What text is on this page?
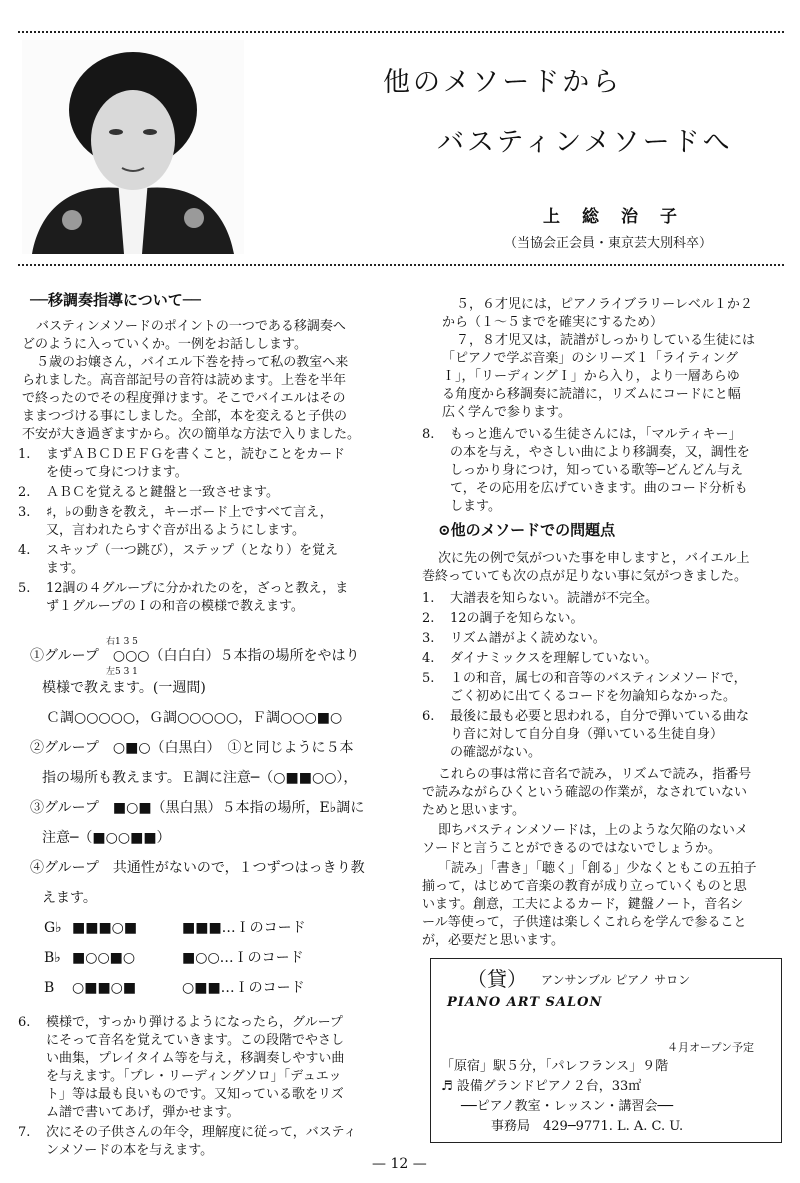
他のメソードから
バスティンメソードへ
上総治子
（当協会正会員・東京芸大別科卒）
──移調奏指導について──
バスティンメソードのポイントの一つである移調奏へ
どのように入っていくか。一例をお話しします。
５歳のお嬢さん，バイエル下巻を持って私の教室へ来
られました。高音部記号の音符は読めます。上巻を半年
で終ったのでその程度弾けます。そこでバイエルはその
ままつづける事にしました。全部，本を変えると子供の
不安が大き過ぎますから。次の簡単な方法で入りました。
1. まずＡＢＣＤＥＦＧを書くこと，読むことをカード
を使って身につけます。
2. ＡＢＣを覚えると鍵盤と一致させます。
3. ♯，♭の動きを教え，キーボード上ですべて言え，
又，言われたらすぐ音が出るようにします。
4. スキップ（一つ跳び），ステップ（となり）を覚え
ます。
5. 12調の４グループに分かれたのを，ざっと教え，ま
ず１グループのＩの和音の模様で教えます。
右1 3 5
左5 3 1
①グループ　○○○（白白白）５本指の場所をやはり
模様で教えます。(一週間)
Ｃ調○○○○○，Ｇ調○○○○○，Ｆ調○○○■○
②グループ　○■○（白黒白）　①と同じように５本
指の場所も教えます。Ｅ調に注意─（○■■○○），
③グループ　■○■（黒白黒）５本指の場所，E♭調に
注意─（■○○■■）
④グループ　共通性がないので，１つずつはっきり教
えます。
G♭ ■■■○■	■■■…Ｉのコード
B♭ ■○○■○	■○○…Ｉのコード
B ○■■○■	○■■…Ｉのコード
6. 模様で，すっかり弾けるようになったら，グループ
にそって音名を覚えていきます。この段階でやさし
い曲集，プレイタイム等を与え，移調奏しやすい曲
を与えます。「プレ・リーディングソロ」「デュエッ
ト」等は最も良いものです。又知っている歌をリズ
ム譜で書いてあげ，弾かせます。
7. 次にその子供さんの年令，理解度に従って，バスティ
ンメソードの本を与えます。
５，６才児には，ピアノライブラリーレベル１か２
から（１～５までを確実にするため）
７，８才児又は，読譜がしっかりしている生徒には
「ピアノで学ぶ音楽」のシリーズ１「ライティング
Ｉ」，「リーディングＩ」から入り，より一層あらゆ
る角度から移調奏に読譜に，リズムにコードにと幅
広く学んで参ります。
8. もっと進んでいる生徒さんには，「マルティキー」
の本を与え，やさしい曲により移調奏，又，調性を
しっかり身につけ，知っている歌等─どんどん与え
て，その応用を広げていきます。曲のコード分析も
します。
⊙他のメソードでの問題点
次に先の例で気がついた事を申しますと，バイエル上
巻終っていても次の点が足りない事に気がつきました。
1. 大譜表を知らない。読譜が不完全。
2. 12の調子を知らない。
3. リズム譜がよく読めない。
4. ダイナミックスを理解していない。
5. １の和音，属七の和音等のバスティンメソードで，
ごく初めに出てくるコードを勿論知らなかった。
6. 最後に最も必要と思われる，自分で弾いている曲な
り音に対して自分自身（弾いている生徒自身）
の確認がない。
これらの事は常に音名で読み，リズムで読み，指番号
で読みながらひくという確認の作業が，なされていない
ためと思います。
即ちバスティンメソードは，上のような欠陥のないメ
ソードと言うことができるのではないでしょうか。
「読み」「書き」「聴く」「創る」少なくともこの五拍子
揃って，はじめて音楽の教育が成り立っていくものと思
います。創意，工夫によるカード，鍵盤ノート，音名シ
ール等使って，子供達は楽しくこれらを学んで参ること
が，必要だと思います。
（貸） アンサンブル ピアノ サロン
PIANO ART SALON
４月オープン予定
「原宿」駅５分，「パレフランス」９階
♬ 設備グランドピアノ２台，33㎡
──ピアノ教室・レッスン・講習会──
事務局　429─9771. L. A. C. U.
— 12 —
